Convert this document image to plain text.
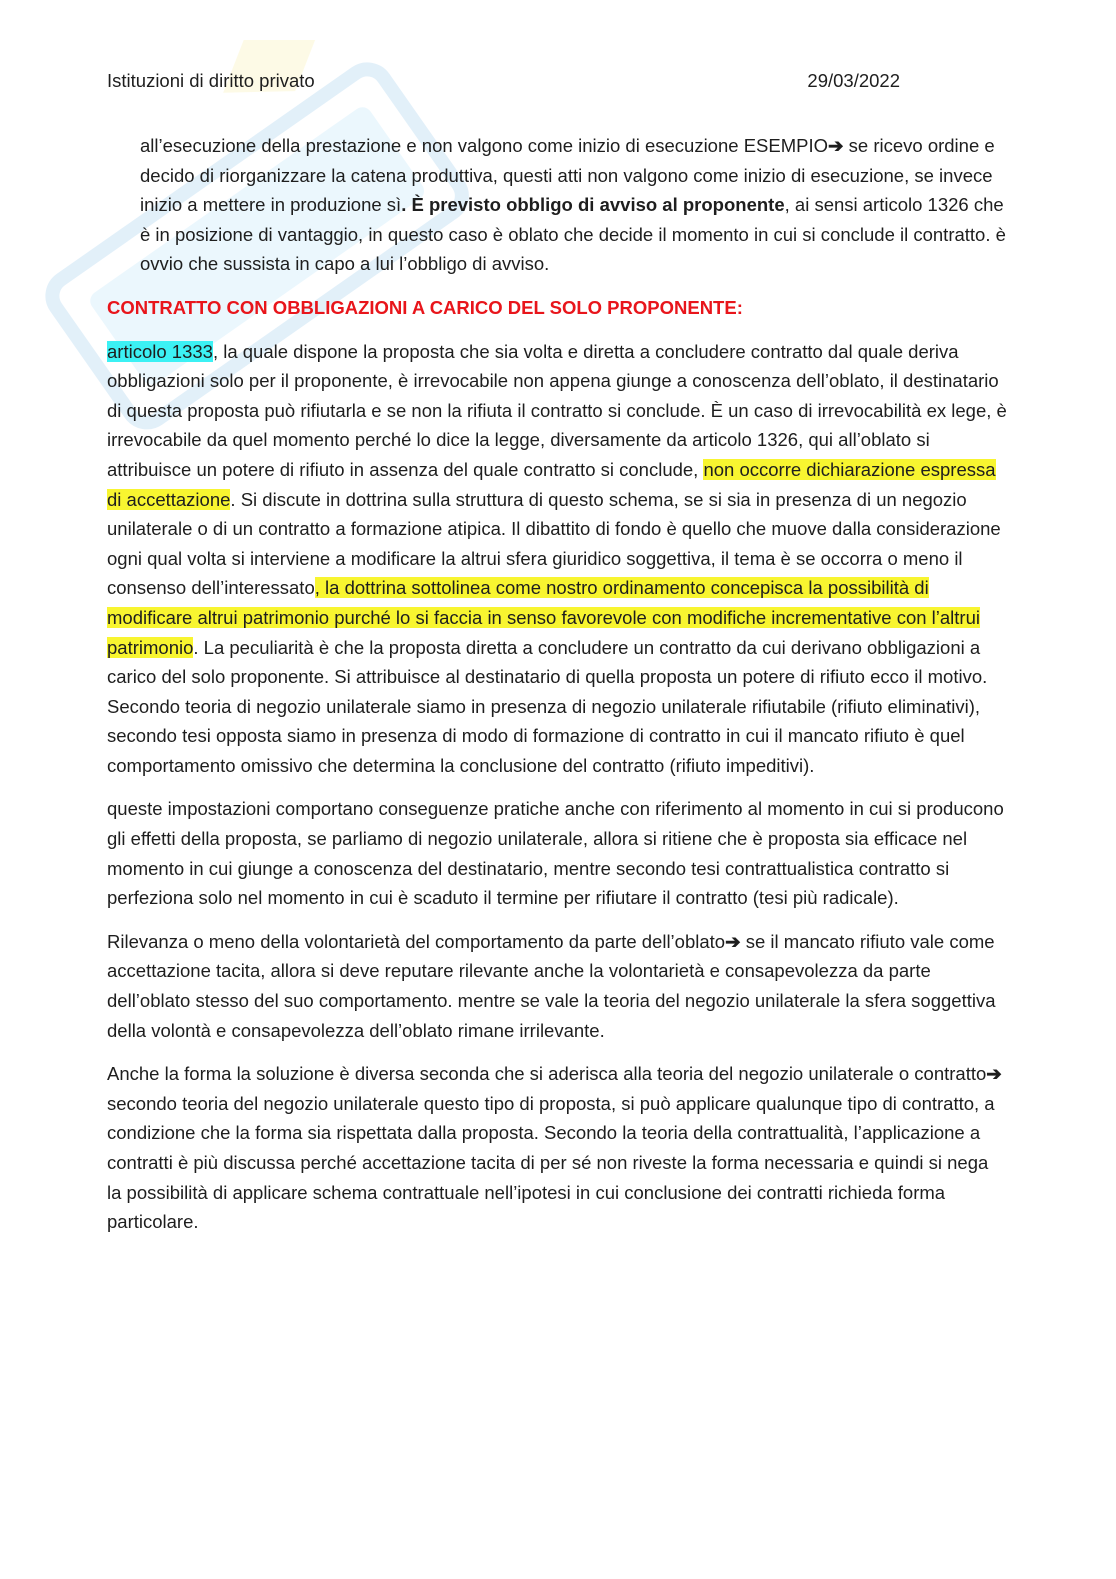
Istituzioni di diritto privato	29/03/2022

all’esecuzione della prestazione e non valgono come inizio di esecuzione ESEMPIO➔ se ricevo ordine e decido di riorganizzare la catena produttiva, questi atti non valgono come inizio di esecuzione, se invece inizio a mettere in produzione sì. È previsto obbligo di avviso al proponente, ai sensi articolo 1326 che è in posizione di vantaggio, in questo caso è oblato che decide il momento in cui si conclude il contratto. è ovvio che sussista in capo a lui l’obbligo di avviso.

CONTRATTO CON OBBLIGAZIONI A CARICO DEL SOLO PROPONENTE:

articolo 1333, la quale dispone la proposta che sia volta e diretta a concludere contratto dal quale deriva obbligazioni solo per il proponente, è irrevocabile non appena giunge a conoscenza dell’oblato, il destinatario di questa proposta può rifiutarla e se non la rifiuta il contratto si conclude. È un caso di irrevocabilità ex lege, è irrevocabile da quel momento perché lo dice la legge, diversamente da articolo 1326, qui all’oblato si attribuisce un potere di rifiuto in assenza del quale contratto si conclude, non occorre dichiarazione espressa di accettazione. Si discute in dottrina sulla struttura di questo schema, se si sia in presenza di un negozio unilaterale o di un contratto a formazione atipica. Il dibattito di fondo è quello che muove dalla considerazione ogni qual volta si interviene a modificare la altrui sfera giuridico soggettiva, il tema è se occorra o meno il consenso dell’interessato, la dottrina sottolinea come nostro ordinamento concepisca la possibilità di modificare altrui patrimonio purché lo si faccia in senso favorevole con modifiche incrementative con l’altrui patrimonio. La peculiarità è che la proposta diretta a concludere un contratto da cui derivano obbligazioni a carico del solo proponente. Si attribuisce al destinatario di quella proposta un potere di rifiuto ecco il motivo. Secondo teoria di negozio unilaterale siamo in presenza di negozio unilaterale rifiutabile (rifiuto eliminativi), secondo tesi opposta siamo in presenza di modo di formazione di contratto in cui il mancato rifiuto è quel comportamento omissivo che determina la conclusione del contratto (rifiuto impeditivi).

queste impostazioni comportano conseguenze pratiche anche con riferimento al momento in cui si producono gli effetti della proposta, se parliamo di negozio unilaterale, allora si ritiene che è proposta sia efficace nel momento in cui giunge a conoscenza del destinatario, mentre secondo tesi contrattualistica contratto si perfeziona solo nel momento in cui è scaduto il termine per rifiutare il contratto (tesi più radicale).

Rilevanza o meno della volontarietà del comportamento da parte dell’oblato➔ se il mancato rifiuto vale come accettazione tacita, allora si deve reputare rilevante anche la volontarietà e consapevolezza da parte dell’oblato stesso del suo comportamento. mentre se vale la teoria del negozio unilaterale la sfera soggettiva della volontà e consapevolezza dell’oblato rimane irrilevante.

Anche la forma la soluzione è diversa seconda che si aderisca alla teoria del negozio unilaterale o contratto➔ secondo teoria del negozio unilaterale questo tipo di proposta, si può applicare qualunque tipo di contratto, a condizione che la forma sia rispettata dalla proposta. Secondo la teoria della contrattualità, l’applicazione a contratti è più discussa perché accettazione tacita di per sé non riveste la forma necessaria e quindi si nega la possibilità di applicare schema contrattuale nell’ipotesi in cui conclusione dei contratti richieda forma particolare.
